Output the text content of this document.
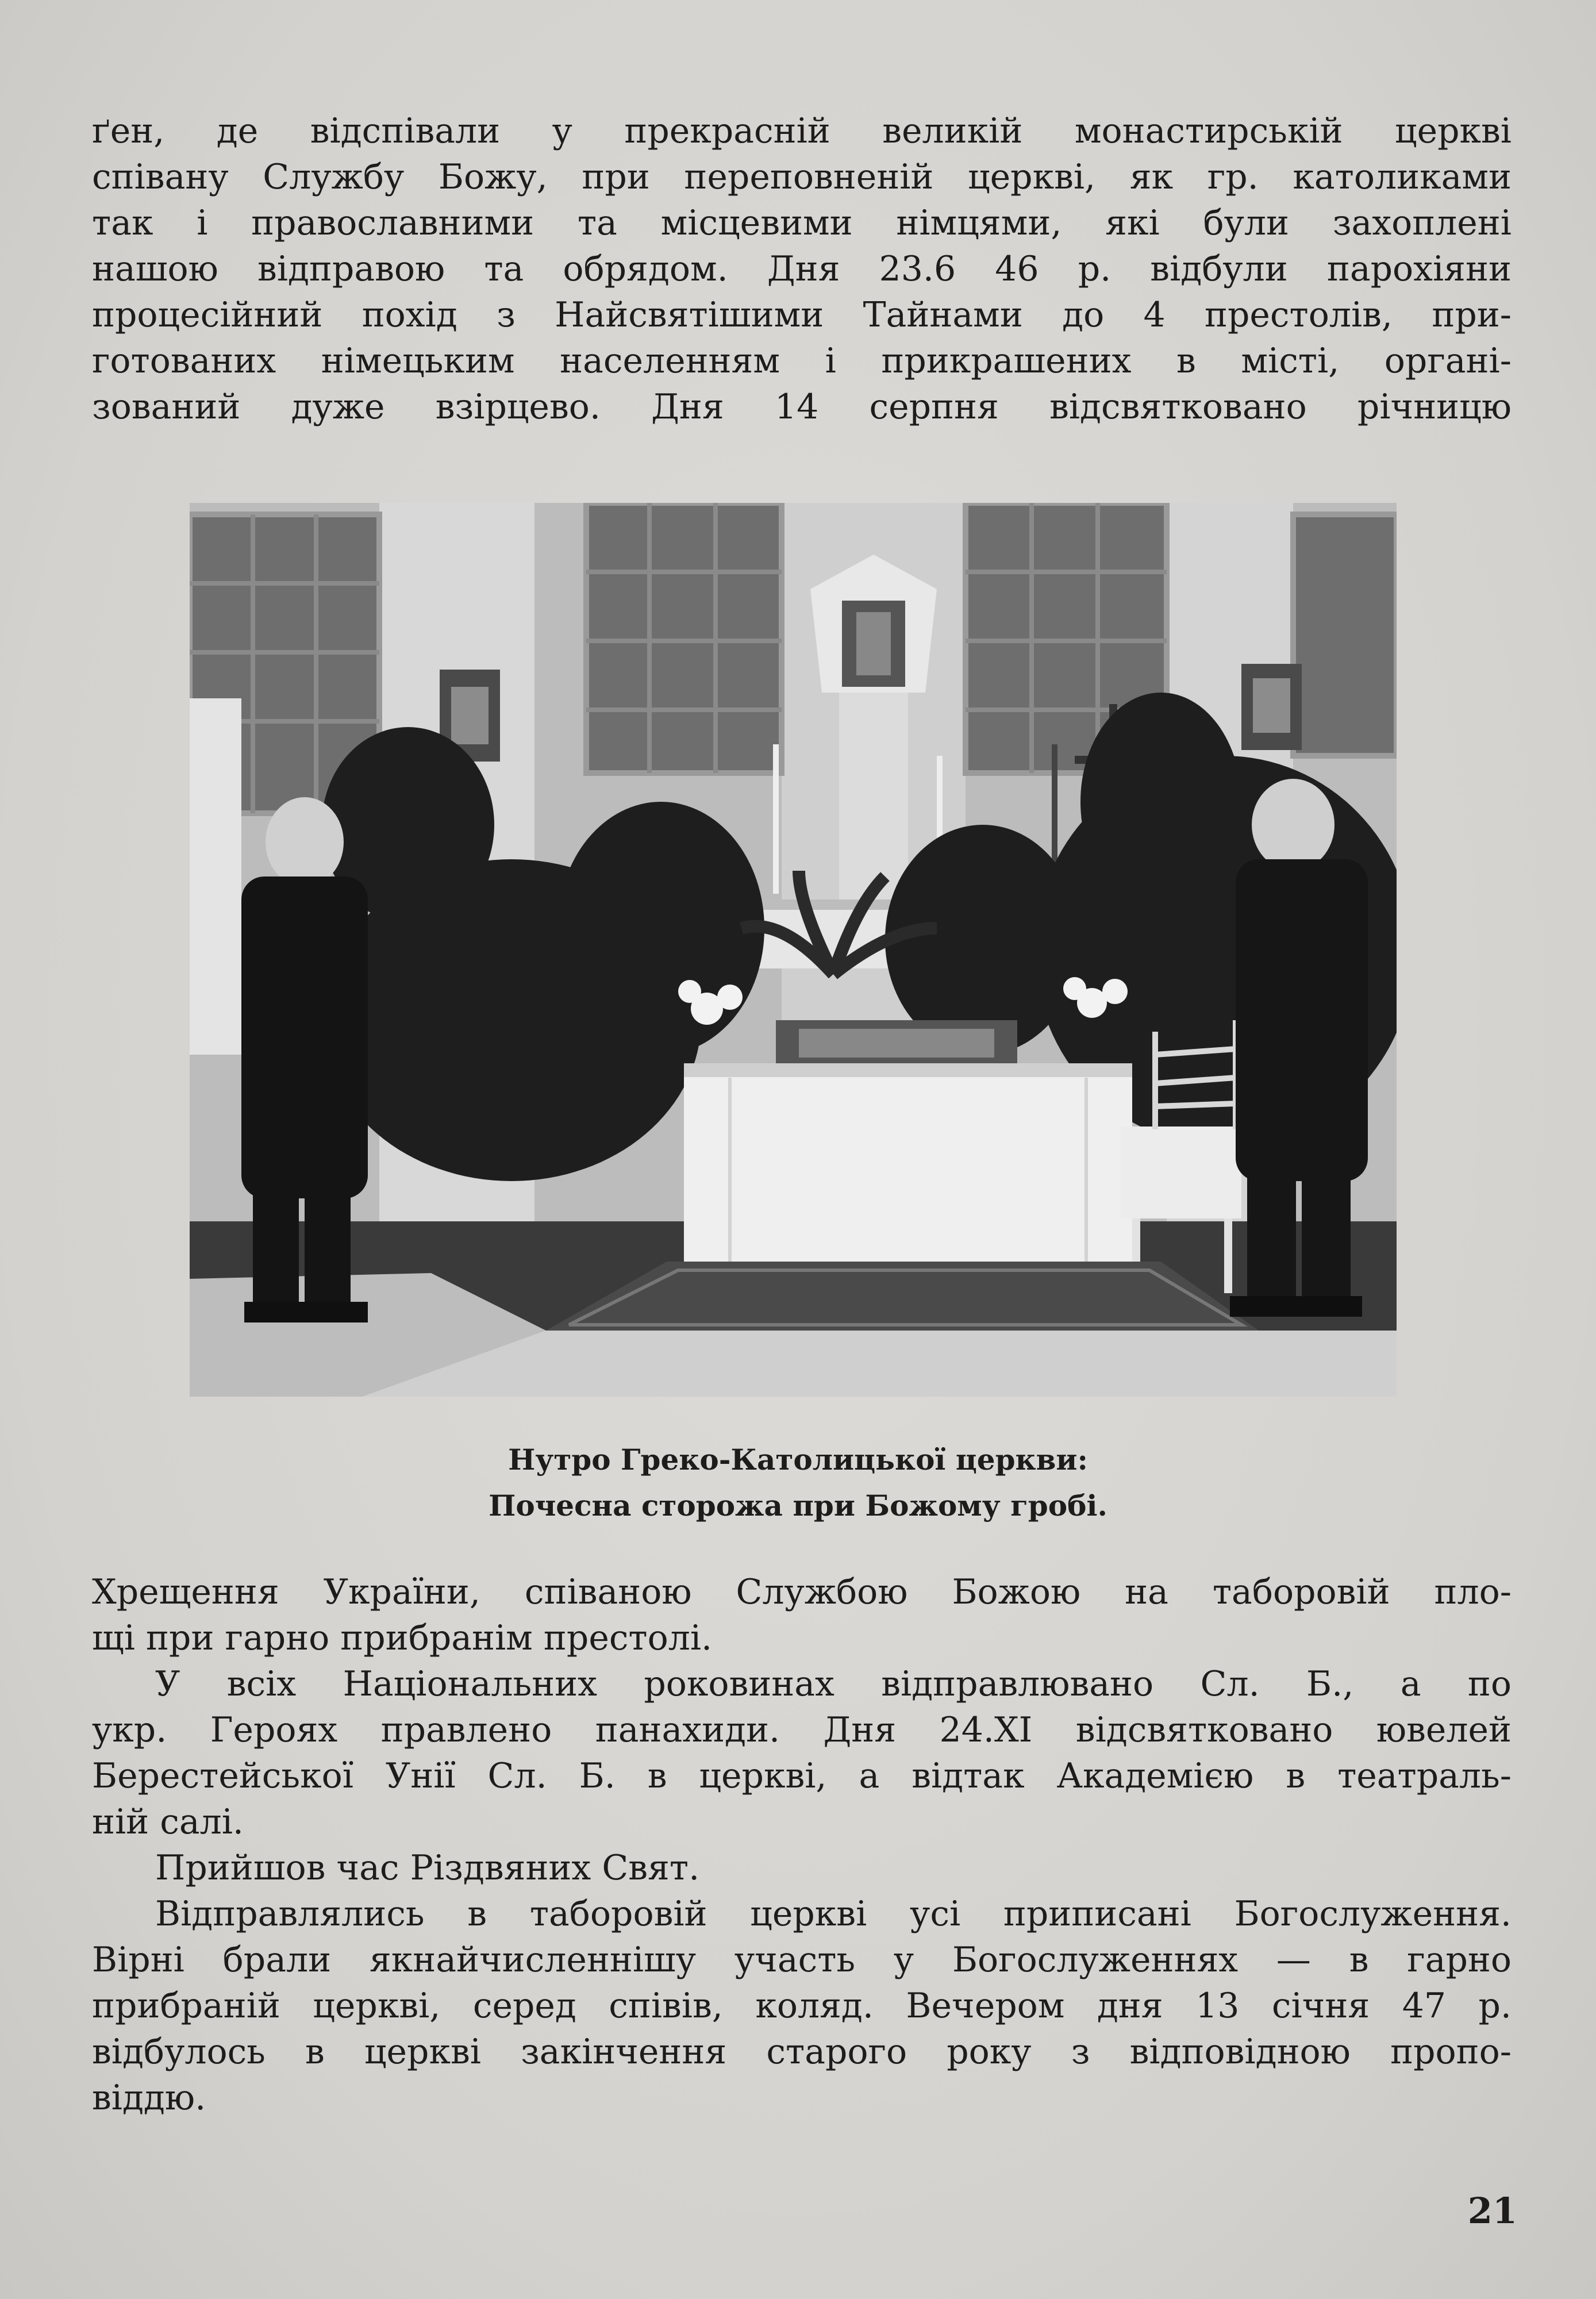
ґен, де відспівали у прекрасній великій монастирській церкві
співану Службу Божу, при переповненій церкві, як гр. католиками
так і православними та місцевими німцями, які були захоплені
нашою відправою та обрядом. Дня 23.6 46 р. відбули парохіяни
процесійний похід з Найсвятішими Тайнами до 4 престолів, при-
готованих німецьким населенням і прикрашених в місті, органі-
зований дуже взірцево. Дня 14 серпня відсвятковано річницю

Нутро Греко-Католицької церкви:
Почесна сторожа при Божому гробі.

Хрещення України, співаною Службою Божою на таборовій пло-
щі при гарно прибранім престолі.

У всіх Національних роковинах відправлювано Сл. Б., а по
укр. Героях правлено панахиди. Дня 24.XI відсвятковано ювелей
Берестейської Унії Сл. Б. в церкві, а відтак Академією в театраль-
ній салі.

Прийшов час Різдвяних Свят.

Відправлялись в таборовій церкві усі приписані Богослуження.
Вірні брали якнайчисленнішу участь у Богослуженнях — в гарно
прибраній церкві, серед співів, коляд. Вечером дня 13 січня 47 р.
відбулось в церкві закінчення старого року з відповідною пропо-
віддю.

21
